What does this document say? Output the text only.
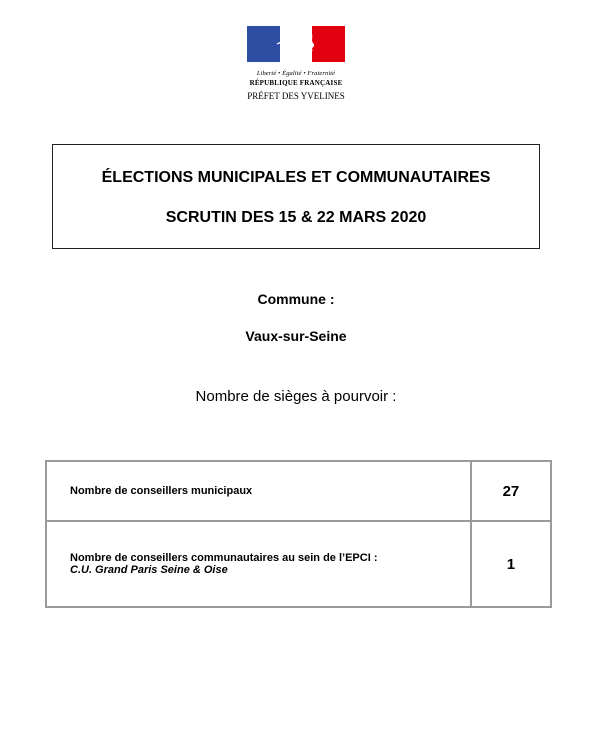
Liberté • Égalité • Fraternité
RÉPUBLIQUE FRANÇAISE
PRÉFET DES YVELINES
ÉLECTIONS MUNICIPALES ET COMMUNAUTAIRES
SCRUTIN DES 15 & 22 MARS 2020
Commune :
Vaux-sur-Seine
Nombre de sièges à pourvoir :
Nombre de conseillers municipaux	27

Nombre de conseillers communautaires au sein de l’EPCI :
C.U. Grand Paris Seine & Oise	1
